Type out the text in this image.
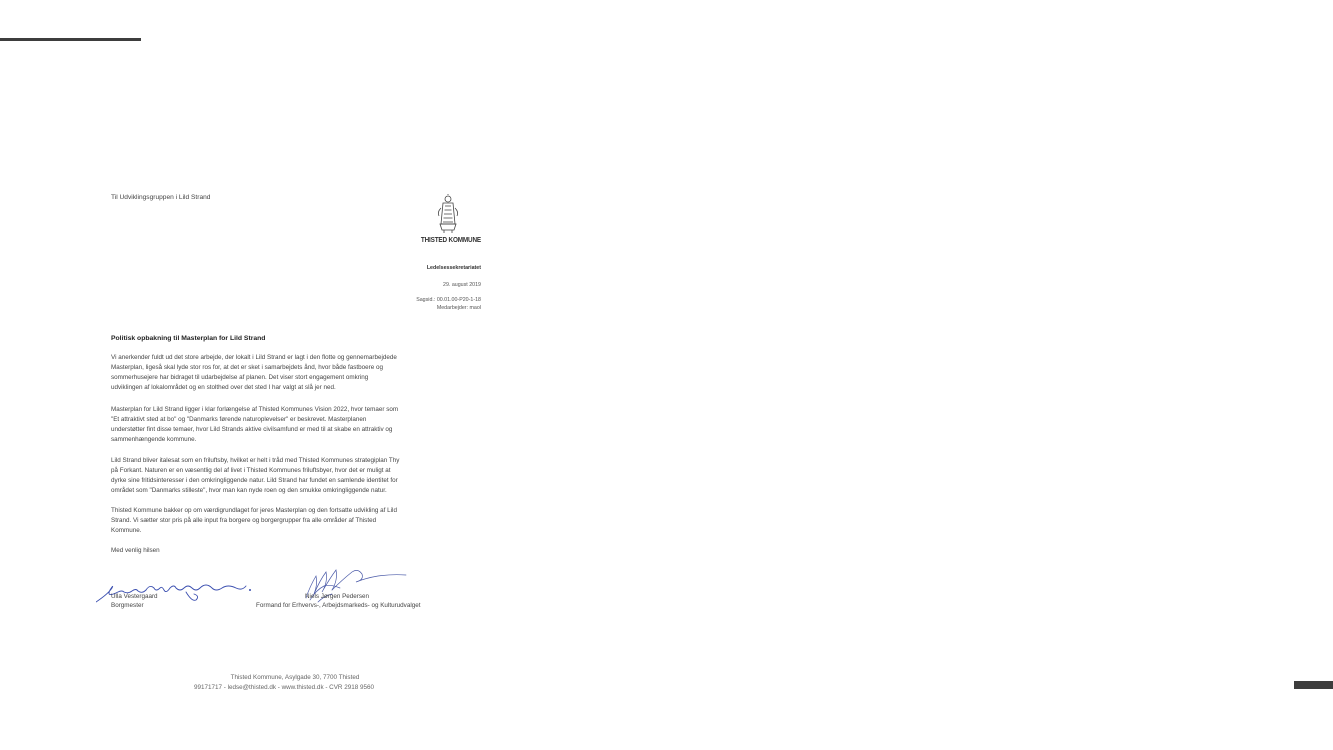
Til Udviklingsgruppen i Lild Strand
THISTED KOMMUNE
Ledelsessekretariatet
29. august 2019
Sagsid.: 00.01.00-P20-1-18
Medarbejder: maol
Politisk opbakning til Masterplan for Lild Strand
Vi anerkender fuldt ud det store arbejde, der lokalt i Lild Strand er lagt i den flotte og gennemarbejdede
Masterplan, ligeså skal lyde stor ros for, at det er sket i samarbejdets ånd, hvor både fastboere og
sommerhusejere har bidraget til udarbejdelse af planen. Det viser stort engagement omkring
udviklingen af lokalområdet og en stolthed over det sted I har valgt at slå jer ned.
Masterplan for Lild Strand ligger i klar forlængelse af Thisted Kommunes Vision 2022, hvor temaer som
"Et attraktivt sted at bo" og "Danmarks førende naturoplevelser" er beskrevet. Masterplanen
understøtter fint disse temaer, hvor Lild Strands aktive civilsamfund er med til at skabe en attraktiv og
sammenhængende kommune.
Lild Strand bliver italesat som en friluftsby, hvilket er helt i tråd med Thisted Kommunes strategiplan Thy
på Forkant. Naturen er en væsentlig del af livet i Thisted Kommunes friluftsbyer, hvor det er muligt at
dyrke sine fritidsinteresser i den omkringliggende natur. Lild Strand har fundet en samlende identitet for
området som "Danmarks stilleste", hvor man kan nyde roen og den smukke omkringliggende natur.
Thisted Kommune bakker op om værdigrundlaget for jeres Masterplan og den fortsatte udvikling af Lild
Strand. Vi sætter stor pris på alle input fra borgere og borgergrupper fra alle områder af Thisted
Kommune.
Med venlig hilsen
Ulla Vestergaard
Borgmester
Niels Jørgen Pedersen
Formand for Erhvervs-, Arbejdsmarkeds- og Kulturudvalget
Thisted Kommune, Asylgade 30, 7700 Thisted
99171717 - ledse@thisted.dk - www.thisted.dk - CVR 2918 9560
